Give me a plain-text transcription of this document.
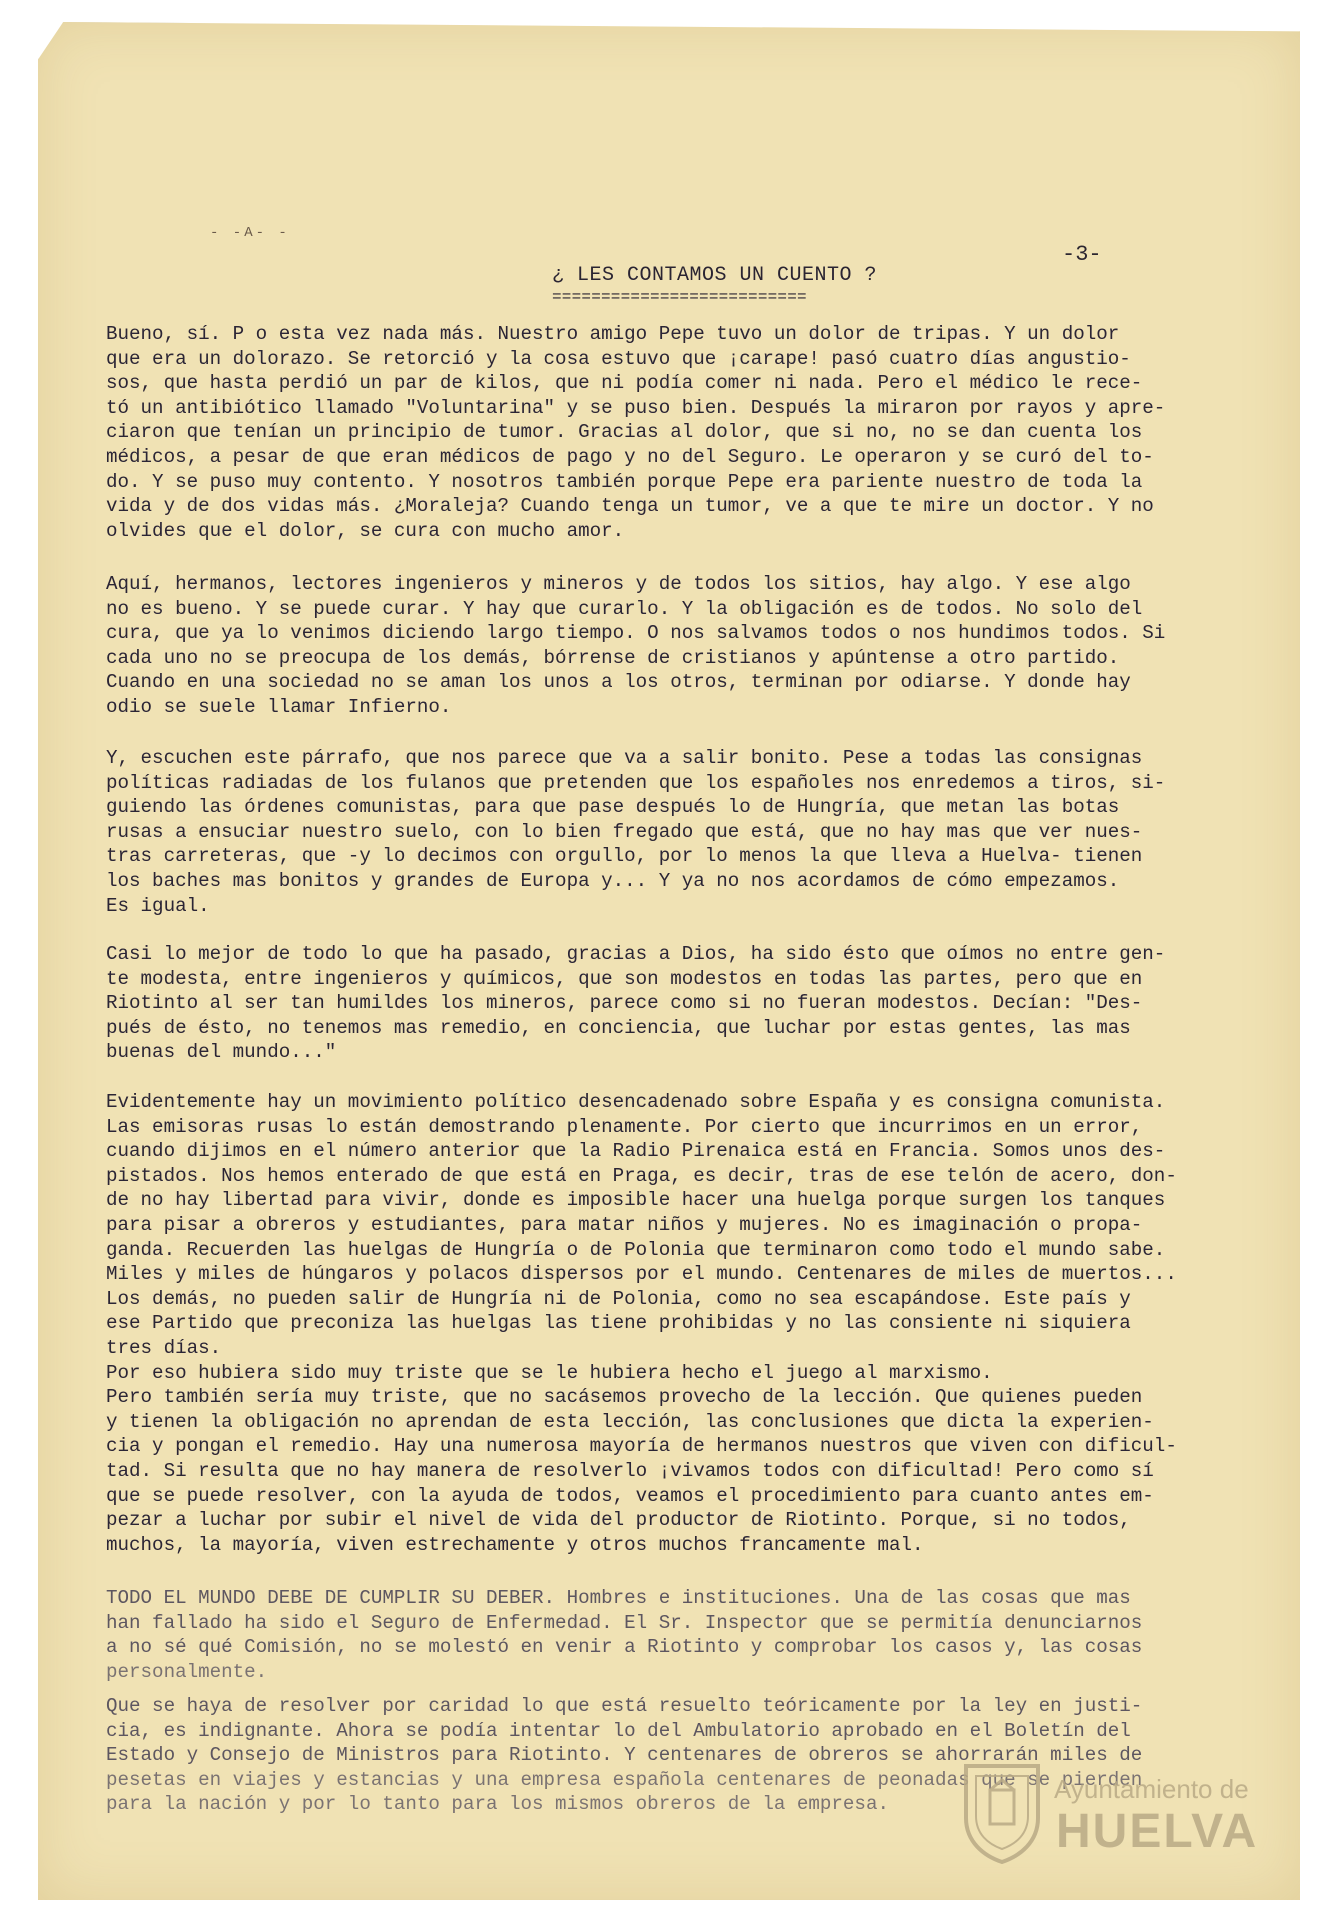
- -A- -
-3-
¿ LES CONTAMOS UN CUENTO ?
==========================

Bueno, sí. P o esta vez nada más. Nuestro amigo Pepe tuvo un dolor de tripas. Y un dolor
que era un dolorazo. Se retorció y la cosa estuvo que ¡carape! pasó cuatro días angustio-
sos, que hasta perdió un par de kilos, que ni podía comer ni nada. Pero el médico le rece-
tó un antibiótico llamado "Voluntarina" y se puso bien. Después la miraron por rayos y apre-
ciaron que tenían un principio de tumor. Gracias al dolor, que si no, no se dan cuenta los
médicos, a pesar de que eran médicos de pago y no del Seguro. Le operaron y se curó del to-
do. Y se puso muy contento. Y nosotros también porque Pepe era pariente nuestro de toda la
vida y de dos vidas más. ¿Moraleja? Cuando tenga un tumor, ve a que te mire un doctor. Y no
olvides que el dolor, se cura con mucho amor.

Aquí, hermanos, lectores ingenieros y mineros y de todos los sitios, hay algo. Y ese algo
no es bueno. Y se puede curar. Y hay que curarlo. Y la obligación es de todos. No solo del
cura, que ya lo venimos diciendo largo tiempo. O nos salvamos todos o nos hundimos todos. Si
cada uno no se preocupa de los demás, bórrense de cristianos y apúntense a otro partido.
Cuando en una sociedad no se aman los unos a los otros, terminan por odiarse. Y donde hay
odio se suele llamar Infierno.

Y, escuchen este párrafo, que nos parece que va a salir bonito. Pese a todas las consignas
políticas radiadas de los fulanos que pretenden que los españoles nos enredemos a tiros, si-
guiendo las órdenes comunistas, para que pase después lo de Hungría, que metan las botas
rusas a ensuciar nuestro suelo, con lo bien fregado que está, que no hay mas que ver nues-
tras carreteras, que -y lo decimos con orgullo, por lo menos la que lleva a Huelva- tienen
los baches mas bonitos y grandes de Europa y... Y ya no nos acordamos de cómo empezamos.
Es igual.

Casi lo mejor de todo lo que ha pasado, gracias a Dios, ha sido ésto que oímos no entre gen-
te modesta, entre ingenieros y químicos, que son modestos en todas las partes, pero que en
Riotinto al ser tan humildes los mineros, parece como si no fueran modestos. Decían: "Des-
pués de ésto, no tenemos mas remedio, en conciencia, que luchar por estas gentes, las mas
buenas del mundo..."

Evidentemente hay un movimiento político desencadenado sobre España y es consigna comunista.
Las emisoras rusas lo están demostrando plenamente. Por cierto que incurrimos en un error,
cuando dijimos en el número anterior que la Radio Pirenaica está en Francia. Somos unos des-
pistados. Nos hemos enterado de que está en Praga, es decir, tras de ese telón de acero, don-
de no hay libertad para vivir, donde es imposible hacer una huelga porque surgen los tanques
para pisar a obreros y estudiantes, para matar niños y mujeres. No es imaginación o propa-
ganda. Recuerden las huelgas de Hungría o de Polonia que terminaron como todo el mundo sabe.
Miles y miles de húngaros y polacos dispersos por el mundo. Centenares de miles de muertos...
Los demás, no pueden salir de Hungría ni de Polonia, como no sea escapándose. Este país y
ese Partido que preconiza las huelgas las tiene prohibidas y no las consiente ni siquiera
tres días.
Por eso hubiera sido muy triste que se le hubiera hecho el juego al marxismo.
Pero también sería muy triste, que no sacásemos provecho de la lección. Que quienes pueden
y tienen la obligación no aprendan de esta lección, las conclusiones que dicta la experien-
cia y pongan el remedio. Hay una numerosa mayoría de hermanos nuestros que viven con dificul-
tad. Si resulta que no hay manera de resolverlo ¡vivamos todos con dificultad! Pero como sí
que se puede resolver, con la ayuda de todos, veamos el procedimiento para cuanto antes em-
pezar a luchar por subir el nivel de vida del productor de Riotinto. Porque, si no todos,
muchos, la mayoría, viven estrechamente y otros muchos francamente mal.

TODO EL MUNDO DEBE DE CUMPLIR SU DEBER. Hombres e instituciones. Una de las cosas que mas
han fallado ha sido el Seguro de Enfermedad. El Sr. Inspector que se permitía denunciarnos
a no sé qué Comisión, no se molestó en venir a Riotinto y comprobar los casos y, las cosas
personalmente.

Que se haya de resolver por caridad lo que está resuelto teóricamente por la ley en justi-
cia, es indignante. Ahora se podía intentar lo del Ambulatorio aprobado en el Boletín del
Estado y Consejo de Ministros para Riotinto. Y centenares de obreros se ahorrarán miles de
pesetas en viajes y estancias y una empresa española centenares de peonadas que se pierden
para la nación y por lo tanto para los mismos obreros de la empresa.

Ayuntamiento de
HUELVA
